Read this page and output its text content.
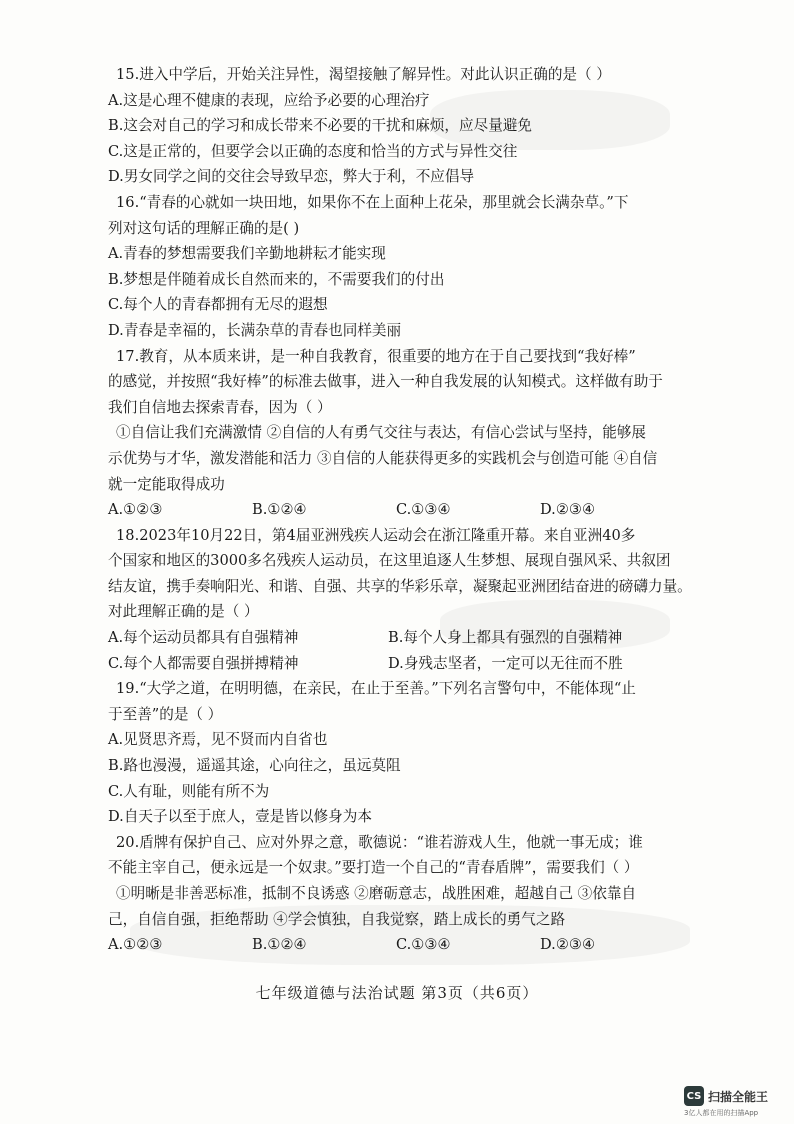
15.进入中学后，开始关注异性，渴望接触了解异性。对此认识正确的是（ ）

A.这是心理不健康的表现，应给予必要的心理治疗

B.这会对自己的学习和成长带来不必要的干扰和麻烦，应尽量避免

C.这是正常的，但要学会以正确的态度和恰当的方式与异性交往

D.男女同学之间的交往会导致早恋，弊大于利，不应倡导

16.“青春的心就如一块田地，如果你不在上面种上花朵，那里就会长满杂草。”下

列对这句话的理解正确的是( )

A.青春的梦想需要我们辛勤地耕耘才能实现

B.梦想是伴随着成长自然而来的，不需要我们的付出

C.每个人的青春都拥有无尽的遐想

D.青春是幸福的，长满杂草的青春也同样美丽

17.教育，从本质来讲，是一种自我教育，很重要的地方在于自己要找到“我好棒”

的感觉，并按照“我好棒”的标准去做事，进入一种自我发展的认知模式。这样做有助于

我们自信地去探索青春，因为（ ）

①自信让我们充满激情 ②自信的人有勇气交往与表达，有信心尝试与坚持，能够展

示优势与才华，激发潜能和活力 ③自信的人能获得更多的实践机会与创造可能 ④自信

就一定能取得成功

A.①②③	B.①②④	C.①③④	D.②③④

18.2023年10月22日，第4届亚洲残疾人运动会在浙江隆重开幕。来自亚洲40多

个国家和地区的3000多名残疾人运动员，在这里追逐人生梦想、展现自强风采、共叙团

结友谊，携手奏响阳光、和谐、自强、共享的华彩乐章，凝聚起亚洲团结奋进的磅礴力量。

对此理解正确的是（ ）

A.每个运动员都具有自强精神	B.每个人身上都具有强烈的自强精神
C.每个人都需要自强拼搏精神	D.身残志坚者，一定可以无往而不胜

19.“大学之道，在明明德，在亲民，在止于至善。”下列名言警句中，不能体现“止

于至善”的是（ ）

A.见贤思齐焉，见不贤而内自省也

B.路也漫漫，遥遥其途，心向往之，虽远莫阻

C.人有耻，则能有所不为

D.自天子以至于庶人，壹是皆以修身为本

20.盾牌有保护自己、应对外界之意，歌德说：“谁若游戏人生，他就一事无成；谁

不能主宰自己，便永远是一个奴隶。”要打造一个自己的“青春盾牌”，需要我们（ ）

①明晰是非善恶标准，抵制不良诱惑 ②磨砺意志，战胜困难，超越自己 ③依靠自

己，自信自强，拒绝帮助 ④学会慎独，自我觉察，踏上成长的勇气之路

A.①②③	B.①②④	C.①③④	D.②③④
七年级道德与法治试题 第3页（共6页）
CS 扫描全能王
3亿人都在用的扫描App
